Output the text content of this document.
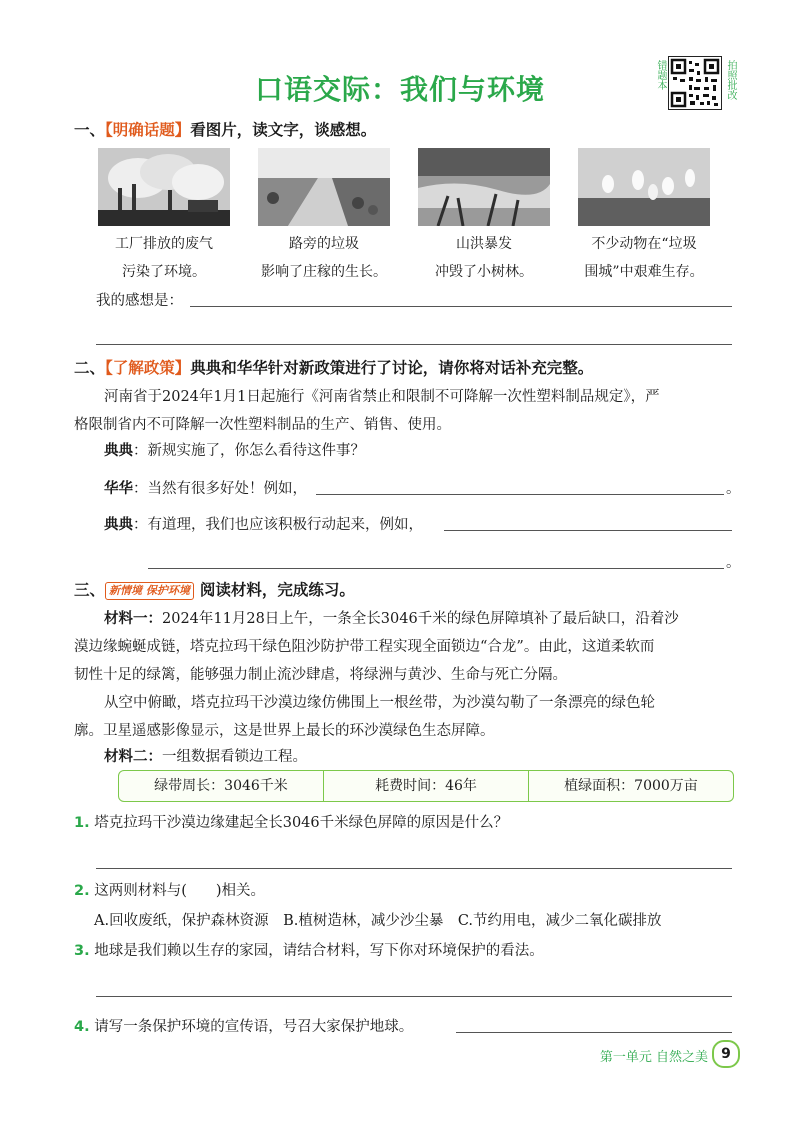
口语交际：我们与环境	错题本	拍照批改
一、【明确话题】看图片，读文字，谈感想。
工厂排放的废气
污染了环境。
路旁的垃圾
影响了庄稼的生长。
山洪暴发
冲毁了小树林。
不少动物在“垃圾
围城”中艰难生存。
我的感想是：
二、【了解政策】典典和华华针对新政策进行了讨论，请你将对话补充完整。
河南省于2024年1月1日起施行《河南省禁止和限制不可降解一次性塑料制品规定》，严
格限制省内不可降解一次性塑料制品的生产、销售、使用。
典典：新规实施了，你怎么看待这件事？
华华：当然有很多好处！例如，	。
典典：有道理，我们也应该积极行动起来，例如，
。
三、 新情境 保护环境 阅读材料，完成练习。
材料一：2024年11月28日上午，一条全长3046千米的绿色屏障填补了最后缺口，沿着沙
漠边缘蜿蜒成链，塔克拉玛干绿色阻沙防护带工程实现全面锁边“合龙”。由此，这道柔软而
韧性十足的绿篱，能够强力制止流沙肆虐，将绿洲与黄沙、生命与死亡分隔。
从空中俯瞰，塔克拉玛干沙漠边缘仿佛围上一根丝带，为沙漠勾勒了一条漂亮的绿色轮
廓。卫星遥感影像显示，这是世界上最长的环沙漠绿色生态屏障。
材料二：一组数据看锁边工程。
绿带周长：3046千米	耗费时间：46年	植绿面积：7000万亩
1. 塔克拉玛干沙漠边缘建起全长3046千米绿色屏障的原因是什么？
2. 这两则材料与(　　)相关。
A.回收废纸，保护森林资源　B.植树造林，减少沙尘暴　C.节约用电，减少二氧化碳排放
3. 地球是我们赖以生存的家园，请结合材料，写下你对环境保护的看法。
4. 请写一条保护环境的宣传语，号召大家保护地球。
第一单元 自然之美 9
